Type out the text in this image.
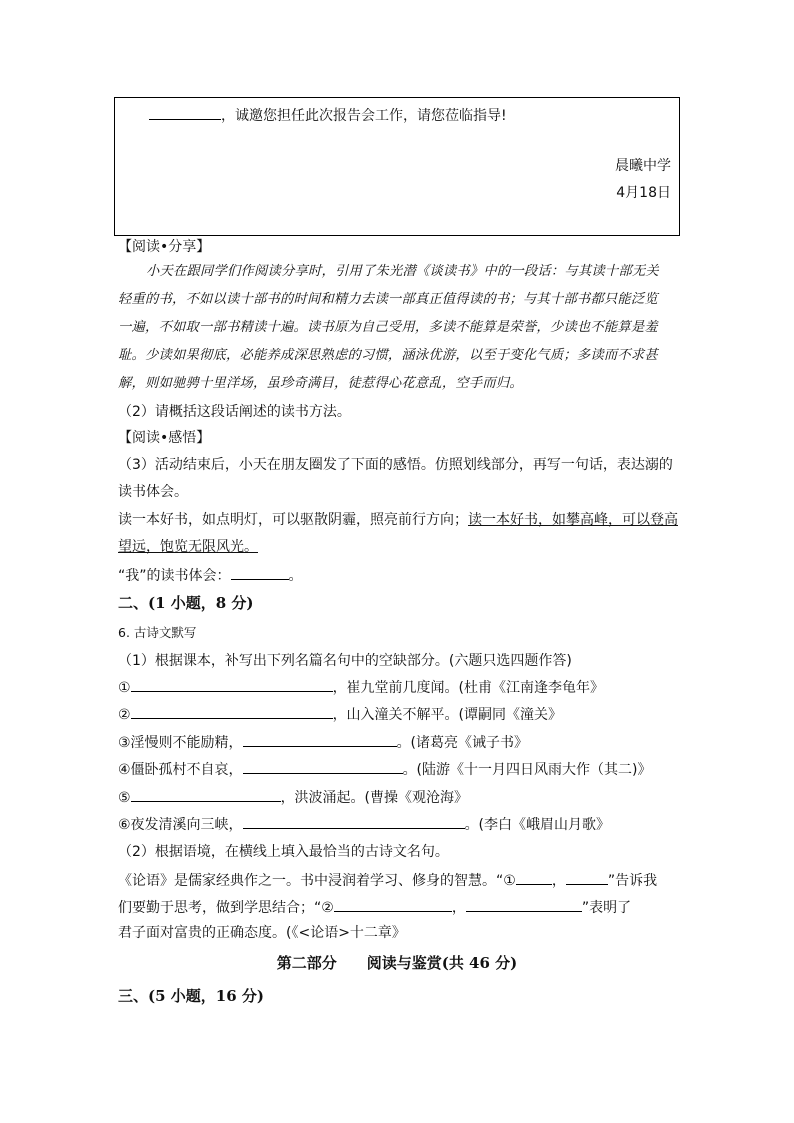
，诚邀您担任此次报告会工作，请您莅临指导!
晨曦中学
4月18日
【阅读•分享】
小天在跟同学们作阅读分享时，引用了朱光潜《谈读书》中的一段话：与其读十部无关
轻重的书，不如以读十部书的时间和精力去读一部真正值得读的书；与其十部书都只能泛览
一遍，不如取一部书精读十遍。读书原为自己受用，多读不能算是荣誉，少读也不能算是羞
耻。少读如果彻底，必能养成深思熟虑的习惯，涵泳优游，以至于变化气质；多读而不求甚
解，则如驰骋十里洋场，虽珍奇满目，徒惹得心花意乱，空手而归。
（2）请概括这段话阐述的读书方法。
【阅读•感悟】
（3）活动结束后，小天在朋友圈发了下面的感悟。仿照划线部分，再写一句话，表达溺的
读书体会。
读一本好书，如点明灯，可以驱散阴霾，照亮前行方向；读一本好书，如攀高峰，可以登高
望远，饱览无限风光。
“我”的读书体会：	。
二、(1 小题，8 分)
6. 古诗文默写
（1）根据课本，补写出下列名篇名句中的空缺部分。(六题只选四题作答)
①	，崔九堂前几度闻。(杜甫《江南逢李龟年》
②	，山入潼关不解平。(谭嗣同《潼关》
③淫慢则不能励精，	。(诸葛亮《诫子书》
④僵卧孤村不自哀，	。(陆游《十一月四日风雨大作（其二)》
⑤	，洪波涌起。(曹操《观沧海》
⑥夜发清溪向三峡，	。(李白《峨眉山月歌》
（2）根据语境，在横线上填入最恰当的古诗文名句。
《论语》是儒家经典作之一。书中浸润着学习、修身的智慧。“①	，	”告诉我
们要勤于思考，做到学思结合；“②	，	”表明了
君子面对富贵的正确态度。(《<论语>十二章》
第二部分　　阅读与鉴赏(共 46 分)
三、(5 小题，16 分)
